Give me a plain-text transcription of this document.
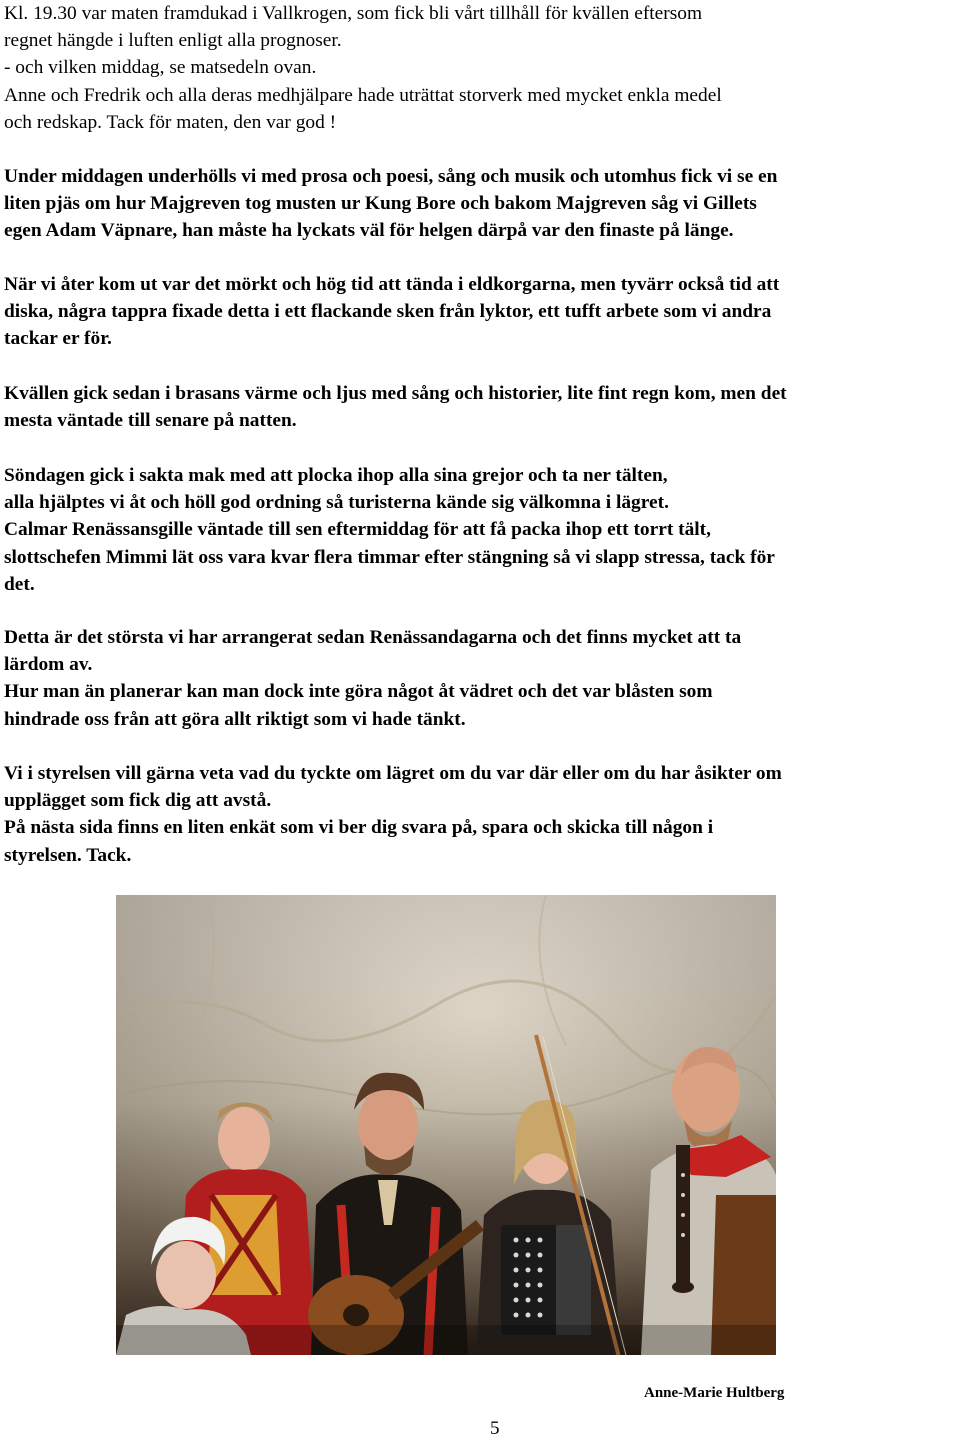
Kl. 19.30 var maten framdukad i Vallkrogen, som fick bli vårt tillhåll för kvällen eftersom
regnet hängde i luften enligt alla prognoser.
- och vilken middag, se matsedeln ovan.
Anne och Fredrik och alla deras medhjälpare hade uträttat storverk med mycket enkla medel
och redskap. Tack för maten, den var god !

Under middagen underhölls vi med prosa och poesi, sång och musik och utomhus fick vi se en
liten pjäs om hur Majgreven tog musten ur Kung Bore och bakom Majgreven såg vi Gillets
egen Adam Väpnare, han måste ha lyckats väl för helgen därpå var den finaste på länge.

När vi åter kom ut var det mörkt och hög tid att tända i eldkorgarna, men tyvärr också tid att
diska, några tappra fixade detta i ett flackande sken från lyktor, ett tufft arbete som vi andra
tackar er för.

Kvällen gick sedan i brasans värme och ljus med sång och historier, lite fint regn kom, men det
mesta väntade till senare på natten.

Söndagen gick i sakta mak med att plocka ihop alla sina grejor och ta ner tälten,
alla hjälptes vi åt och höll god ordning så turisterna kände sig välkomna i lägret.
Calmar Renässansgille väntade till sen eftermiddag för att få packa ihop ett torrt tält,
slottschefen Mimmi lät oss vara kvar flera timmar efter stängning så vi slapp stressa, tack för
det.

Detta är det största vi har arrangerat sedan Renässandagarna och det finns mycket att ta
lärdom av.
Hur man än planerar kan man dock inte göra något åt vädret och det var blåsten som
hindrade oss från att göra allt riktigt som vi hade tänkt.

Vi i styrelsen vill gärna veta vad du tyckte om lägret om du var där eller om du har åsikter om
upplägget som fick dig att avstå.
På nästa sida finns en liten enkät som vi ber dig svara på, spara och skicka till någon i
styrelsen. Tack.

Anne-Marie Hultberg
5
